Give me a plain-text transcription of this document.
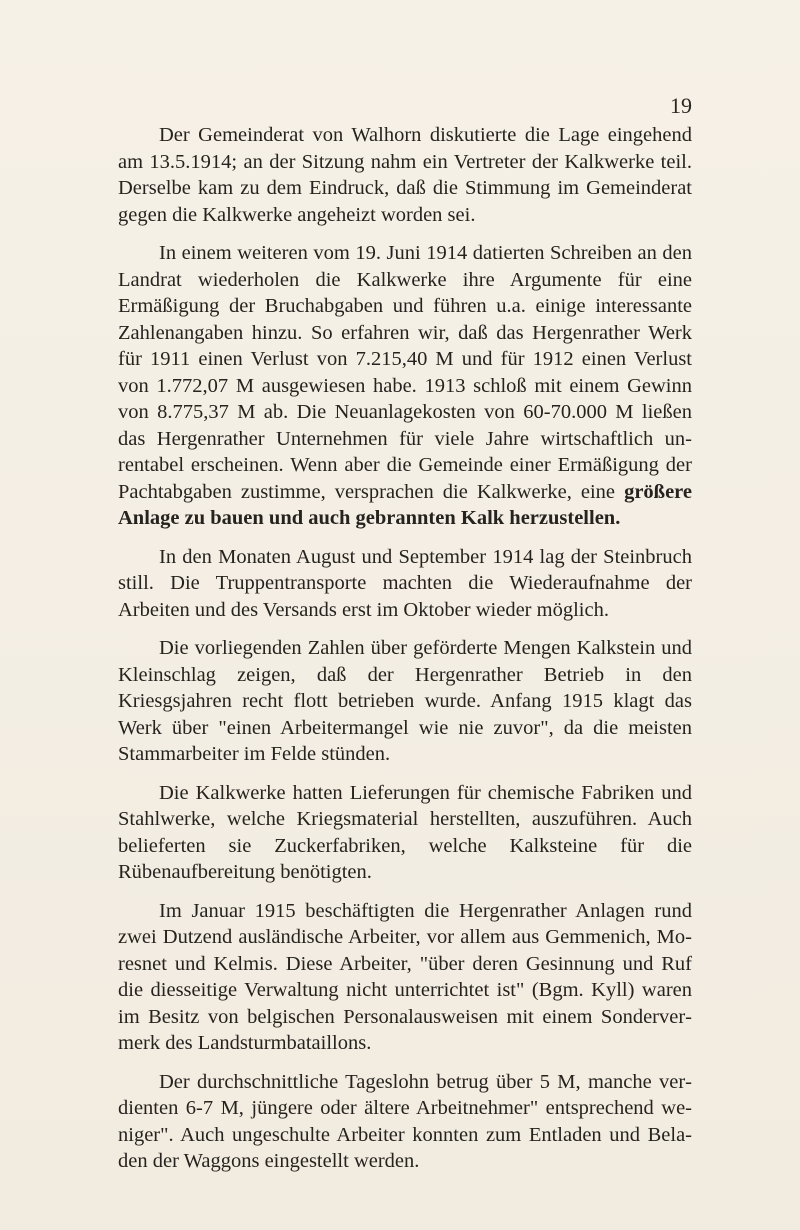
19

Der Gemeinderat von Walhorn diskutierte die Lage eingehend am 13.5.1914; an der Sitzung nahm ein Vertreter der Kalkwerke teil. Derselbe kam zu dem Eindruck, daß die Stimmung im Gemeinderat gegen die Kalkwerke angeheizt worden sei.

In einem weiteren vom 19. Juni 1914 datierten Schreiben an den Landrat wiederholen die Kalkwerke ihre Argumente für eine Ermäßigung der Bruchabgaben und führen u.a. einige interessante Zahlenangaben hinzu. So erfahren wir, daß das Hergenrather Werk für 1911 einen Verlust von 7.215,40 M und für 1912 einen Verlust von 1.772,07 M ausgewiesen habe. 1913 schloß mit einem Gewinn von 8.775,37 M ab. Die Neuanlagekosten von 60-70.000 M ließen das Hergenrather Unternehmen für viele Jahre wirtschaftlich unrentabel erscheinen. Wenn aber die Gemeinde einer Ermäßigung der Pachtabgaben zustimme, versprachen die Kalkwerke, eine größere Anlage zu bauen und auch gebrannten Kalk herzustellen.

In den Monaten August und September 1914 lag der Steinbruch still. Die Truppentransporte machten die Wiederaufnahme der Arbeiten und des Versands erst im Oktober wieder möglich.

Die vorliegenden Zahlen über geförderte Mengen Kalkstein und Kleinschlag zeigen, daß der Hergenrather Betrieb in den Kriesgsjahren recht flott betrieben wurde. Anfang 1915 klagt das Werk über "einen Arbeitermangel wie nie zuvor", da die meisten Stammarbeiter im Felde stünden.

Die Kalkwerke hatten Lieferungen für chemische Fabriken und Stahlwerke, welche Kriegsmaterial herstellten, auszuführen. Auch belieferten sie Zuckerfabriken, welche Kalksteine für die Rübenaufbereitung benötigten.

Im Januar 1915 beschäftigten die Hergenrather Anlagen rund zwei Dutzend ausländische Arbeiter, vor allem aus Gemmenich, Moresnet und Kelmis. Diese Arbeiter, "über deren Gesinnung und Ruf die diesseitige Verwaltung nicht unterrichtet ist" (Bgm. Kyll) waren im Besitz von belgischen Personalausweisen mit einem Sondervermerk des Landsturmbataillons.

Der durchschnittliche Tageslohn betrug über 5 M, manche verdienten 6-7 M, jüngere oder ältere Arbeitnehmer" entsprechend weniger". Auch ungeschulte Arbeiter konnten zum Entladen und Beladen der Waggons eingestellt werden.
